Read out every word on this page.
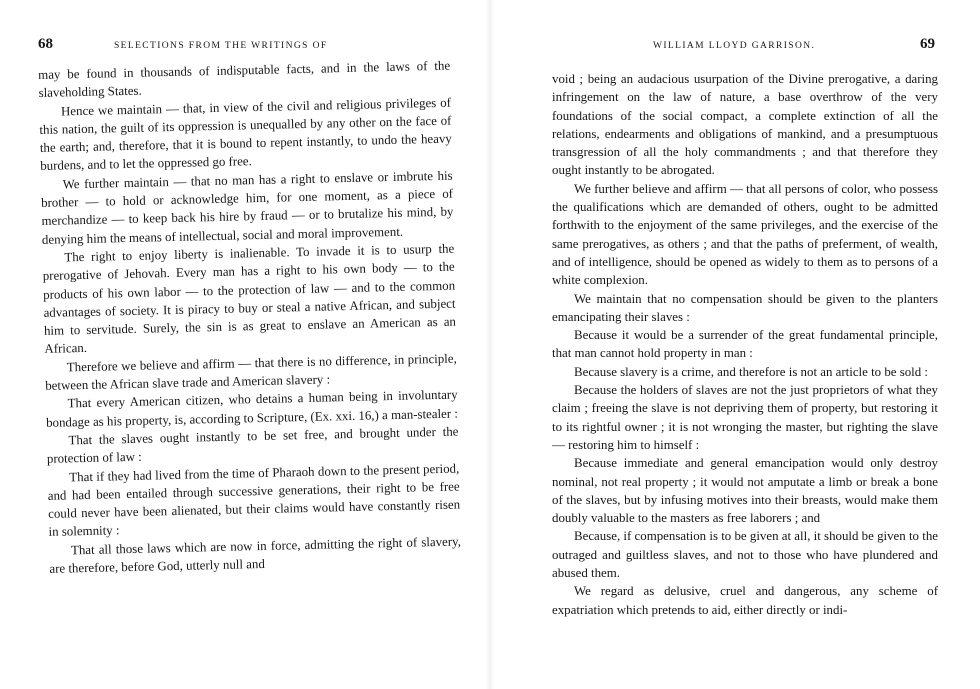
68	SELECTIONS FROM THE WRITINGS OF

may be found in thousands of indisputable facts, and in the laws of the slaveholding States.

Hence we maintain — that, in view of the civil and religious privileges of this nation, the guilt of its oppression is unequalled by any other on the face of the earth; and, therefore, that it is bound to repent instantly, to undo the heavy burdens, and to let the oppressed go free.

We further maintain — that no man has a right to enslave or imbrute his brother — to hold or acknowledge him, for one moment, as a piece of merchandize — to keep back his hire by fraud — or to brutalize his mind, by denying him the means of intellectual, social and moral improvement.

The right to enjoy liberty is inalienable. To invade it is to usurp the prerogative of Jehovah. Every man has a right to his own body — to the products of his own labor — to the protection of law — and to the common advantages of society. It is piracy to buy or steal a native African, and subject him to servitude. Surely, the sin is as great to enslave an American as an African.

Therefore we believe and affirm — that there is no difference, in principle, between the African slave trade and American slavery :

That every American citizen, who detains a human being in involuntary bondage as his property, is, according to Scripture, (Ex. xxi. 16,) a man-stealer :

That the slaves ought instantly to be set free, and brought under the protection of law :

That if they had lived from the time of Pharaoh down to the present period, and had been entailed through successive generations, their right to be free could never have been alienated, but their claims would have constantly risen in solemnity :

That all those laws which are now in force, admitting the right of slavery, are therefore, before God, utterly null and

WILLIAM LLOYD GARRISON.	69

void ; being an audacious usurpation of the Divine prerogative, a daring infringement on the law of nature, a base overthrow of the very foundations of the social compact, a complete extinction of all the relations, endearments and obligations of mankind, and a presumptuous transgression of all the holy commandments ; and that therefore they ought instantly to be abrogated.

We further believe and affirm — that all persons of color, who possess the qualifications which are demanded of others, ought to be admitted forthwith to the enjoyment of the same privileges, and the exercise of the same prerogatives, as others ; and that the paths of preferment, of wealth, and of intelligence, should be opened as widely to them as to persons of a white complexion.

We maintain that no compensation should be given to the planters emancipating their slaves :

Because it would be a surrender of the great fundamental principle, that man cannot hold property in man :

Because slavery is a crime, and therefore is not an article to be sold :

Because the holders of slaves are not the just proprietors of what they claim ; freeing the slave is not depriving them of property, but restoring it to its rightful owner ; it is not wronging the master, but righting the slave — restoring him to himself :

Because immediate and general emancipation would only destroy nominal, not real property ; it would not amputate a limb or break a bone of the slaves, but by infusing motives into their breasts, would make them doubly valuable to the masters as free laborers ; and

Because, if compensation is to be given at all, it should be given to the outraged and guiltless slaves, and not to those who have plundered and abused them.

We regard as delusive, cruel and dangerous, any scheme of expatriation which pretends to aid, either directly or indi-
